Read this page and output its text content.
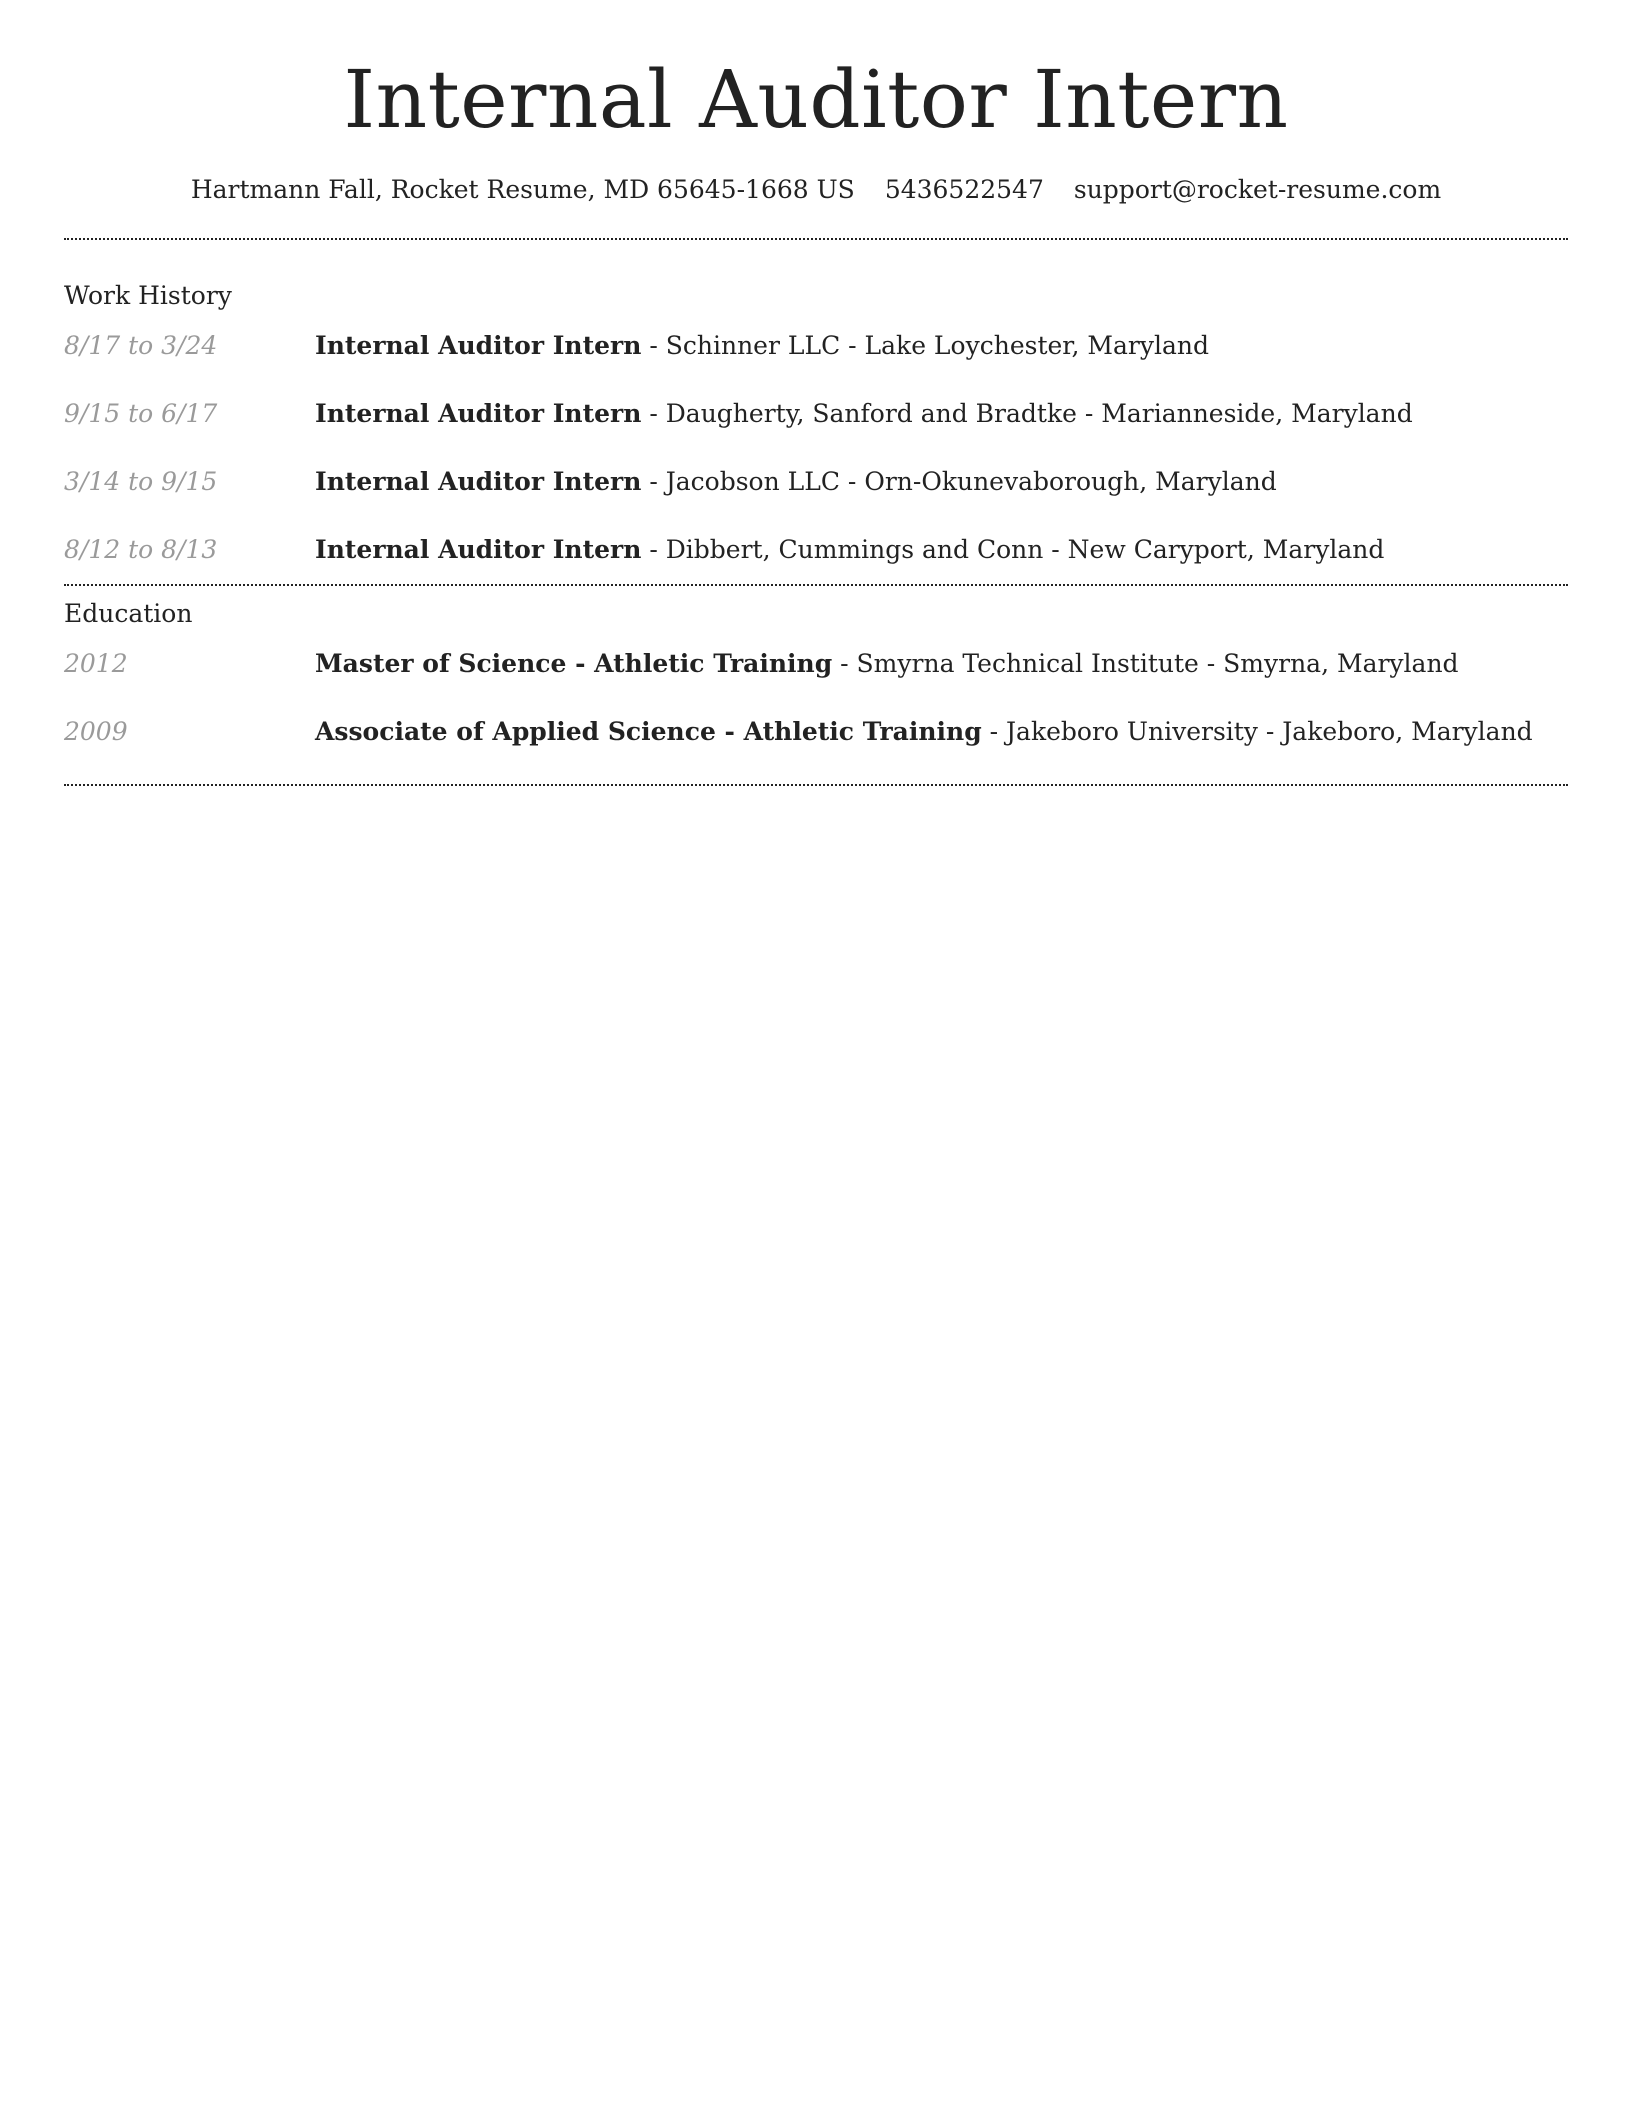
Internal Auditor Intern
Hartmann Fall, Rocket Resume, MD 65645-1668 US 5436522547 support@rocket-resume.com
Work History
8/17 to 3/24	Internal Auditor Intern - Schinner LLC - Lake Loychester, Maryland
9/15 to 6/17	Internal Auditor Intern - Daugherty, Sanford and Bradtke - Marianneside, Maryland
3/14 to 9/15	Internal Auditor Intern - Jacobson LLC - Orn-Okunevaborough, Maryland
8/12 to 8/13	Internal Auditor Intern - Dibbert, Cummings and Conn - New Caryport, Maryland
Education
2012	Master of Science - Athletic Training - Smyrna Technical Institute - Smyrna, Maryland
2009	Associate of Applied Science - Athletic Training - Jakeboro University - Jakeboro, Maryland
